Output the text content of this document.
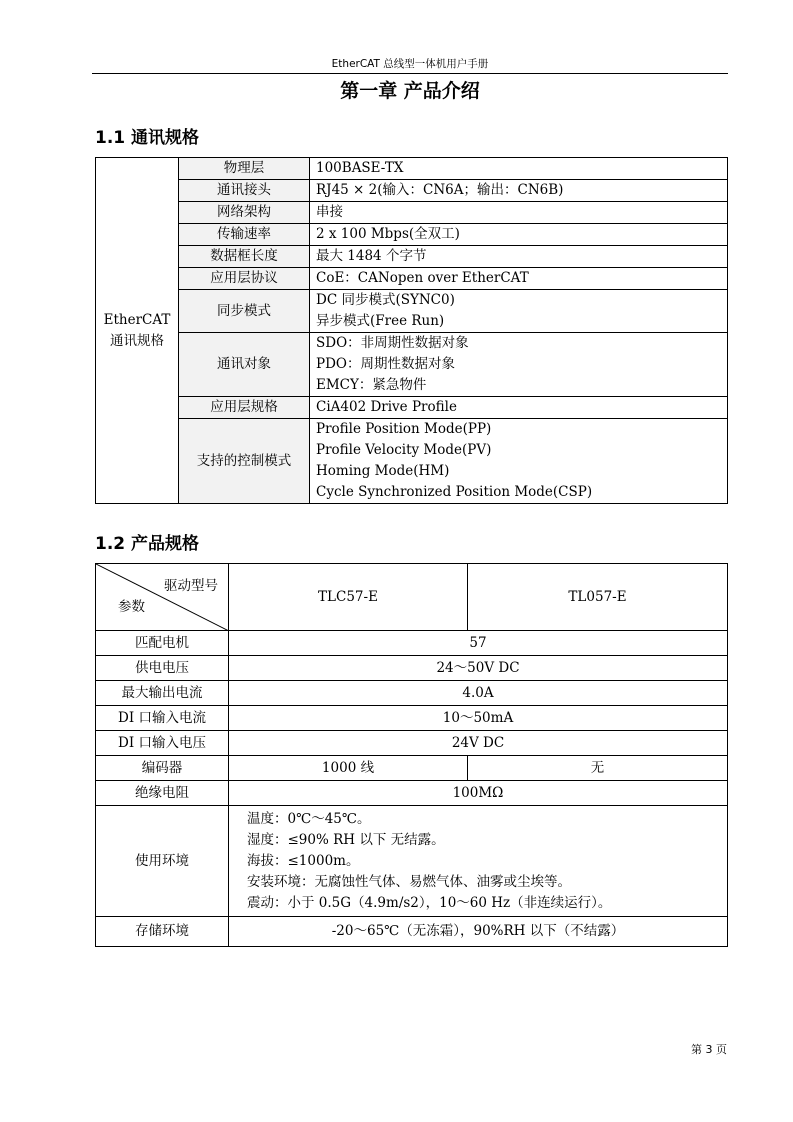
EtherCAT 总线型一体机用户手册
第一章 产品介绍
1.1 通讯规格
EtherCAT
通讯规格	物理层	100BASE-TX

	通讯接头	RJ45 × 2(输入：CN6A；输出：CN6B)

	网络架构	串接

	传输速率	2 x 100 Mbps(全双工)

	数据框长度	最大 1484 个字节

	应用层协议	CoE：CANopen over EtherCAT

	同步模式	DC 同步模式(SYNC0)
异步模式(Free Run)

	通讯对象	SDO：非周期性数据对象
PDO：周期性数据对象
EMCY：紧急物件

	应用层规格	CiA402 Drive Profile

	支持的控制模式	Profile Position Mode(PP)
Profile Velocity Mode(PV)
Homing Mode(HM)
Cycle Synchronized Position Mode(CSP)
1.2 产品规格
驱动型号
参数	TLC57-E	TL057-E
匹配电机	57	
供电电压	24～50V DC	
最大输出电流	4.0A	
DI 口输入电流	10～50mA	
DI 口输入电压	24V DC	
编码器	1000 线	无
绝缘电阻	100MΩ	
使用环境	温度：0℃～45℃。
湿度：≤90% RH 以下 无结露。
海拔：≤1000m。
安装环境：无腐蚀性气体、易燃气体、油雾或尘埃等。
震动：小于 0.5G（4.9m/s2），10～60 Hz（非连续运行）。	

存储环境	-20～65℃（无冻霜），90%RH 以下（不结露）	
第 3 页
